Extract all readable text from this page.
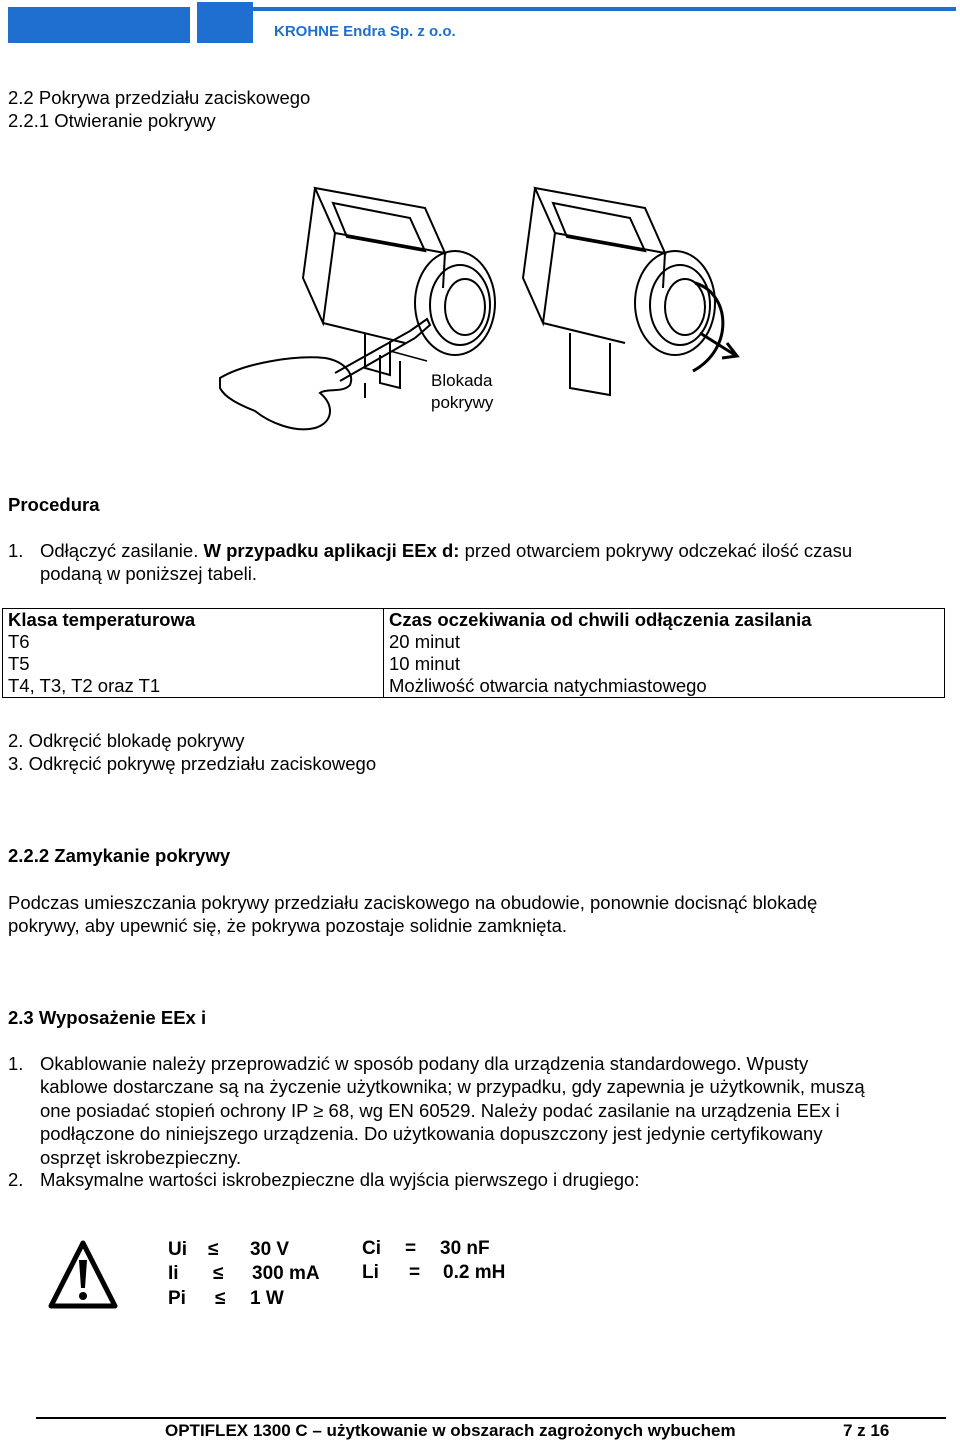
KROHNE Endra Sp. z o.o.
2.2 Pokrywa przedziału zaciskowego
2.2.1 Otwieranie pokrywy
Blokada
pokrywy
Procedura
1. Odłączyć zasilanie. W przypadku aplikacji EEx d: przed otwarciem pokrywy odczekać ilość czasu
podaną w poniższej tabeli.
Klasa temperaturowa	Czas oczekiwania od chwili odłączenia zasilania
T6	20 minut
T5	10 minut
T4, T3, T2 oraz T1	Możliwość otwarcia natychmiastowego
2. Odkręcić blokadę pokrywy
3. Odkręcić pokrywę przedziału zaciskowego
2.2.2 Zamykanie pokrywy
Podczas umieszczania pokrywy przedziału zaciskowego na obudowie, ponownie docisnąć blokadę
pokrywy, aby upewnić się, że pokrywa pozostaje solidnie zamknięta.
2.3 Wyposażenie EEx i
1. Okablowanie należy przeprowadzić w sposób podany dla urządzenia standardowego. Wpusty
kablowe dostarczane są na życzenie użytkownika; w przypadku, gdy zapewnia je użytkownik, muszą
one posiadać stopień ochrony IP ≥ 68, wg EN 60529. Należy podać zasilanie na urządzenia EEx i
podłączone do niniejszego urządzenia. Do użytkowania dopuszczony jest jedynie certyfikowany
osprzęt iskrobezpieczny.
2. Maksymalne wartości iskrobezpieczne dla wyjścia pierwszego i drugiego:
Ui ≤ 30 V
Ii ≤ 300 mA
Pi ≤ 1 W
Ci = 30 nF
Li = 0.2 mH
OPTIFLEX 1300 C – użytkowanie w obszarach zagrożonych wybuchem	7 z 16
